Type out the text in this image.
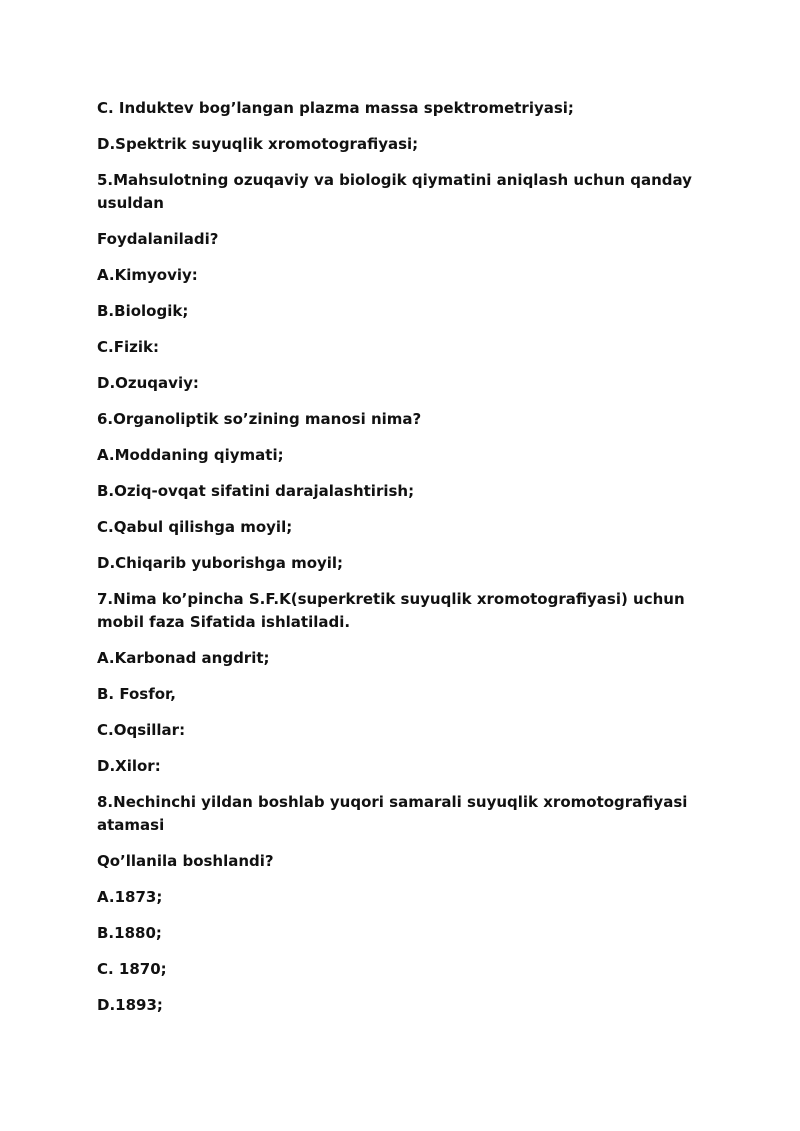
C. Induktev bog’langan plazma massa spektrometriyasi;

D.Spektrik suyuqlik xromotografiyasi;

5.Mahsulotning ozuqaviy va biologik qiymatini aniqlash uchun qanday usuldan

Foydalaniladi?

A.Kimyoviy:

B.Biologik;

C.Fizik:

D.Ozuqaviy:

6.Organoliptik so’zining manosi nima?

A.Moddaning qiymati;

B.Oziq-ovqat sifatini darajalashtirish;

C.Qabul qilishga moyil;

D.Chiqarib yuborishga moyil;

7.Nima ko’pincha S.F.K(superkretik suyuqlik xromotografiyasi) uchun mobil faza Sifatida ishlatiladi.

A.Karbonad angdrit;

B. Fosfor,

C.Oqsillar:

D.Xilor:

8.Nechinchi yildan boshlab yuqori samarali suyuqlik xromotografiyasi atamasi

Qo’llanila boshlandi?

A.1873;

B.1880;

C. 1870;

D.1893;
